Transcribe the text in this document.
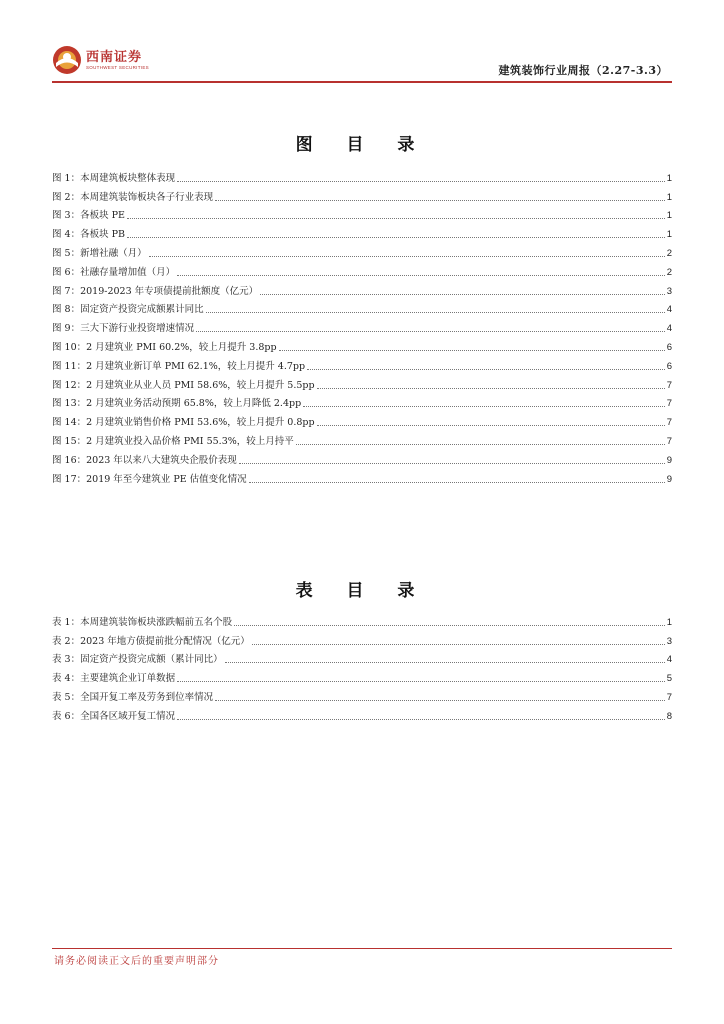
西南证券
SOUTHWEST SECURITIES	建筑装饰行业周报（2.27-3.3）
图 目 录
图 1：本周建筑板块整体表现	1
图 2：本周建筑装饰板块各子行业表现	1
图 3：各板块 PE	1
图 4：各板块 PB	1
图 5：新增社融（月）	2
图 6：社融存量增加值（月）	2
图 7：2019-2023 年专项债提前批额度（亿元）	3
图 8：固定资产投资完成额累计同比	4
图 9：三大下游行业投资增速情况	4
图 10：2 月建筑业 PMI 60.2%，较上月提升 3.8pp	6
图 11：2 月建筑业新订单 PMI 62.1%，较上月提升 4.7pp	6
图 12：2 月建筑业从业人员 PMI 58.6%，较上月提升 5.5pp	7
图 13：2 月建筑业务活动预期 65.8%，较上月降低 2.4pp	7
图 14：2 月建筑业销售价格 PMI 53.6%，较上月提升 0.8pp	7
图 15：2 月建筑业投入品价格 PMI 55.3%，较上月持平	7
图 16：2023 年以来八大建筑央企股价表现	9
图 17：2019 年至今建筑业 PE 估值变化情况	9
表 目 录
表 1：本周建筑装饰板块涨跌幅前五名个股	1
表 2：2023 年地方债提前批分配情况（亿元）	3
表 3：固定资产投资完成额（累计同比）	4
表 4：主要建筑企业订单数据	5
表 5：全国开复工率及劳务到位率情况	7
表 6：全国各区域开复工情况	8
请务必阅读正文后的重要声明部分
